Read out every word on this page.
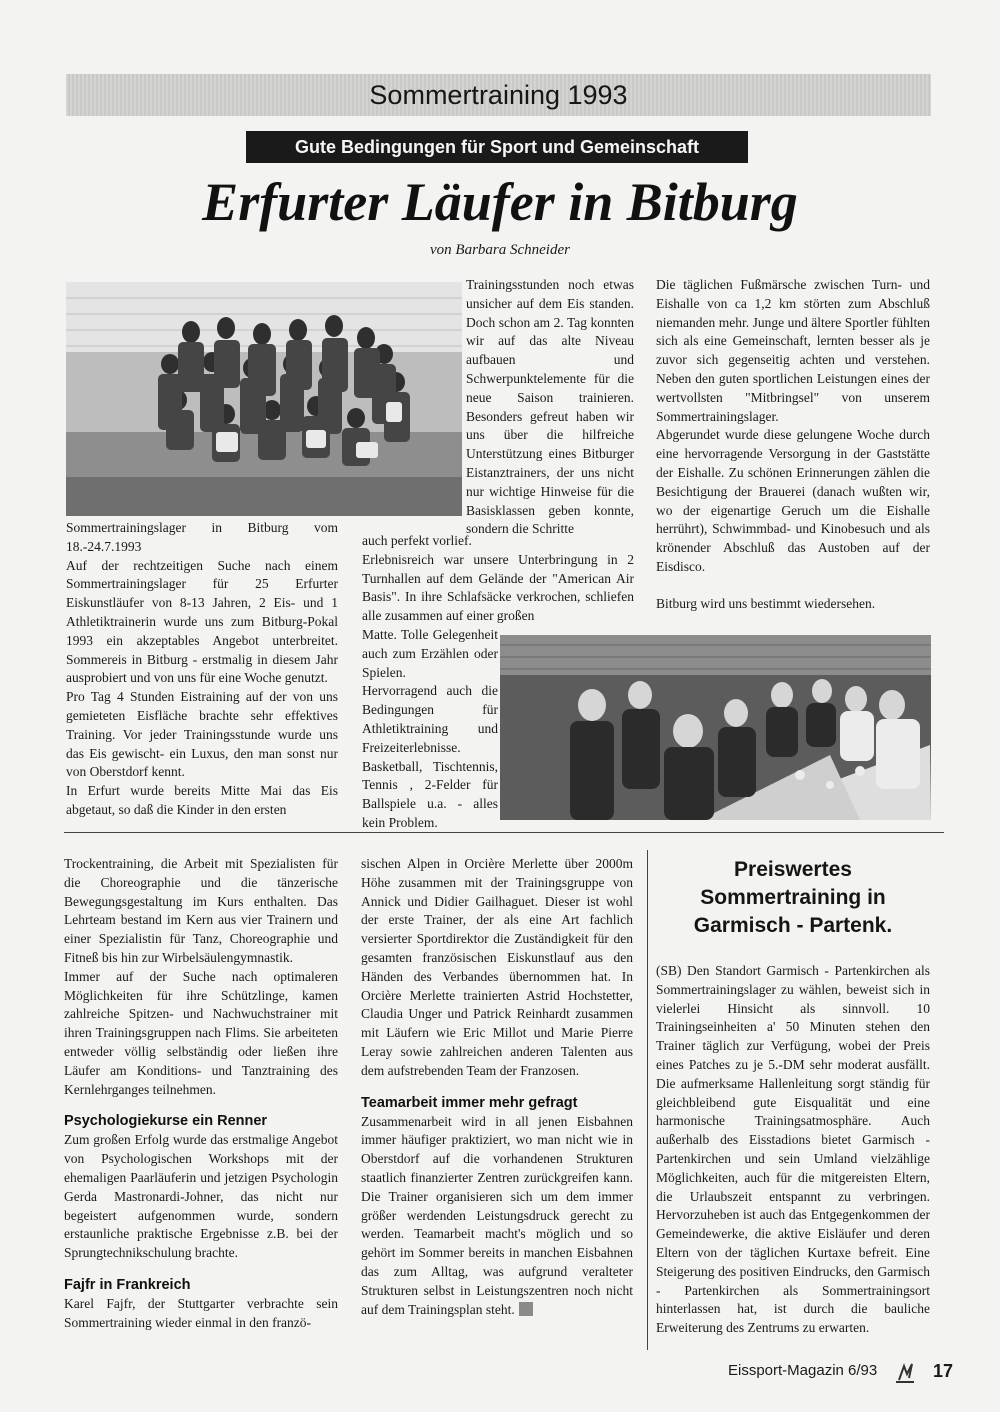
Sommertraining 1993
Gute Bedingungen für Sport und Gemeinschaft
Erfurter Läufer in Bitburg
von Barbara Schneider

Sommertrainingslager in Bitburg vom 18.-24.7.1993

Auf der rechtzeitigen Suche nach einem Sommertrainingslager für 25 Erfurter Eiskunstläufer von 8-13 Jahren, 2 Eis- und 1 Athletiktrainerin wurde uns zum Bitburg-Pokal 1993 ein akzeptables Angebot unterbreitet. Sommereis in Bitburg - erstmalig in diesem Jahr ausprobiert und von uns für eine Woche genutzt.

Pro Tag 4 Stunden Eistraining auf der von uns gemieteten Eisfläche brachte sehr effektives Training. Vor jeder Trainingsstunde wurde uns das Eis gewischt- ein Luxus, den man sonst nur von Oberstdorf kennt.

In Erfurt wurde bereits Mitte Mai das Eis abgetaut, so daß die Kinder in den ersten

Trainingsstunden noch etwas unsicher auf dem Eis standen. Doch schon am 2. Tag konnten wir auf das alte Niveau aufbauen und Schwerpunktelemente für die neue Saison trainieren. Besonders gefreut haben wir uns über die hilfreiche Unterstützung eines Bitburger Eistanztrainers, der uns nicht nur wichtige Hinweise für die Basisklassen geben konnte, sondern die Schritte

auch perfekt vorlief.

Erlebnisreich war unsere Unterbringung in 2 Turnhallen auf dem Gelände der "American Air Basis". In ihre Schlafsäcke verkrochen, schliefen alle zusammen auf einer großen

Matte. Tolle Gelegenheit auch zum Erzählen oder Spielen.

Hervorragend auch die Bedingungen für Athletiktraining und Freizeiterlebnisse. Basketball, Tischtennis, Tennis , 2-Felder für Ballspiele u.a. - alles kein Problem.

Die täglichen Fußmärsche zwischen Turn- und Eishalle von ca 1,2 km störten zum Abschluß niemanden mehr. Junge und ältere Sportler fühlten sich als eine Gemeinschaft, lernten besser als je zuvor sich gegenseitig achten und verstehen. Neben den guten sportlichen Leistungen eines der wertvollsten "Mitbringsel" von unserem Sommertrainingslager.

Abgerundet wurde diese gelungene Woche durch eine hervorragende Versorgung in der Gaststätte der Eishalle. Zu schönen Erinnerungen zählen die Besichtigung der Brauerei (danach wußten wir, wo der eigenartige Geruch um die Eishalle herrührt), Schwimmbad- und Kinobesuch und als krönender Abschluß das Austoben auf der Eisdisco.

Bitburg wird uns bestimmt wiedersehen.

Trockentraining, die Arbeit mit Spezialisten für die Choreographie und die tänzerische Bewegungsgestaltung im Kurs enthalten. Das Lehrteam bestand im Kern aus vier Trainern und einer Spezialistin für Tanz, Choreographie und Fitneß bis hin zur Wirbelsäulengymnastik.

Immer auf der Suche nach optimaleren Möglichkeiten für ihre Schützlinge, kamen zahlreiche Spitzen- und Nachwuchstrainer mit ihren Trainingsgruppen nach Flims. Sie arbeiteten entweder völlig selbständig oder ließen ihre Läufer am Konditions- und Tanztraining des Kernlehrganges teilnehmen.

Psychologiekurse ein Renner

Zum großen Erfolg wurde das erstmalige Angebot von Psychologischen Workshops mit der ehemaligen Paarläuferin und jetzigen Psychologin Gerda Mastronardi-Johner, das nicht nur begeistert aufgenommen wurde, sondern erstaunliche praktische Ergebnisse z.B. bei der Sprungtechnikschulung brachte.

Fajfr in Frankreich

Karel Fajfr, der Stuttgarter verbrachte sein Sommertraining wieder einmal in den franzö-

sischen Alpen in Orcière Merlette über 2000m Höhe zusammen mit der Trainingsgruppe von Annick und Didier Gailhaguet. Dieser ist wohl der erste Trainer, der als eine Art fachlich versierter Sportdirektor die Zuständigkeit für den gesamten französischen Eiskunstlauf aus den Händen des Verbandes übernommen hat. In Orcière Merlette trainierten Astrid Hochstetter, Claudia Unger und Patrick Reinhardt zusammen mit Läufern wie Eric Millot und Marie Pierre Leray sowie zahlreichen anderen Talenten aus dem aufstrebenden Team der Franzosen.

Teamarbeit immer mehr gefragt

Zusammenarbeit wird in all jenen Eisbahnen immer häufiger praktiziert, wo man nicht wie in Oberstdorf auf die vorhandenen Strukturen staatlich finanzierter Zentren zurückgreifen kann. Die Trainer organisieren sich um dem immer größer werdenden Leistungsdruck gerecht zu werden. Teamarbeit macht's möglich und so gehört im Sommer bereits in manchen Eisbahnen das zum Alltag, was aufgrund veralteter Strukturen selbst in Leistungszentren noch nicht auf dem Trainingsplan steht.

Preiswertes Sommertraining in Garmisch - Partenk.

(SB) Den Standort Garmisch - Partenkirchen als Sommertrainingslager zu wählen, beweist sich in vielerlei Hinsicht als sinnvoll. 10 Trainingseinheiten a' 50 Minuten stehen den Trainer täglich zur Verfügung, wobei der Preis eines Patches zu je 5.-DM sehr moderat ausfällt. Die aufmerksame Hallenleitung sorgt ständig für gleichbleibend gute Eisqualität und eine harmonische Trainingsatmosphäre. Auch außerhalb des Eisstadions bietet Garmisch - Partenkirchen und sein Umland vielzählige Möglichkeiten, auch für die mitgereisten Eltern, die Urlaubszeit entspannt zu verbringen. Hervorzuheben ist auch das Entgegenkommen der Gemeindewerke, die aktive Eisläufer und deren Eltern von der täglichen Kurtaxe befreit. Eine Steigerung des positiven Eindrucks, den Garmisch - Partenkirchen als Sommertrainingsort hinterlassen hat, ist durch die bauliche Erweiterung des Zentrums zu erwarten.

Eissport-Magazin 6/93	17
